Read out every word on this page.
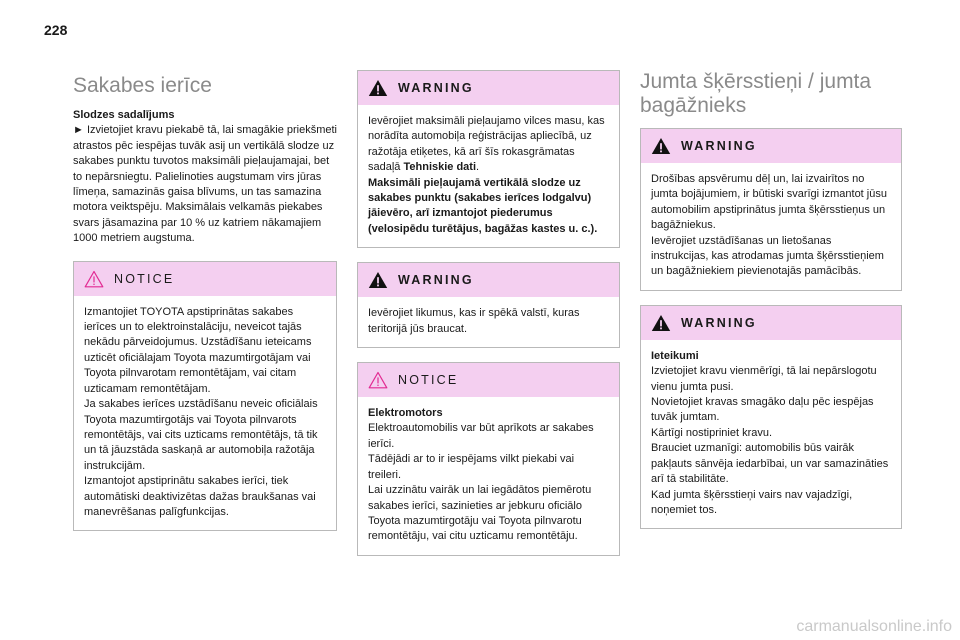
228
Sakabes ierīce
Slodzes sadalījums
► Izvietojiet kravu piekabē tā, lai smagākie priekšmeti atrastos pēc iespējas tuvāk asij un vertikālā slodze uz sakabes punktu tuvotos maksimāli pieļaujamajai, bet to nepārsniegtu. Palielinoties augstumam virs jūras līmeņa, samazinās gaisa blīvums, un tas samazina motora veiktspēju. Maksimālais velkamās piekabes svars jāsamazina par 10 % uz katriem nākamajiem 1000 metriem augstuma.
NOTICE
Izmantojiet TOYOTA apstiprinātas sakabes ierīces un to elektroinstalāciju, neveicot tajās nekādu pārveidojumus. Uzstādīšanu ieteicams uzticēt oficiālajam Toyota mazumtirgotājam vai Toyota pilnvarotam remontētājam, vai citam uzticamam remontētājam.
Ja sakabes ierīces uzstādīšanu neveic oficiālais Toyota mazumtirgotājs vai Toyota pilnvarots remontētājs, vai cits uzticams remontētājs, tā tik un tā jāuzstāda saskaņā ar automobiļa ražotāja instrukcijām.
Izmantojot apstiprinātu sakabes ierīci, tiek automātiski deaktivizētas dažas braukšanas vai manevrēšanas palīgfunkcijas.
WARNING
Ievērojiet maksimāli pieļaujamo vilces masu, kas norādīta automobiļa reģistrācijas apliecībā, uz ražotāja etiķetes, kā arī šīs rokasgrāmatas sadaļā Tehniskie dati.
Maksimāli pieļaujamā vertikālā slodze uz sakabes punktu (sakabes ierīces lodgalvu) jāievēro, arī izmantojot piederumus (velosipēdu turētājus, bagāžas kastes u. c.).
WARNING
Ievērojiet likumus, kas ir spēkā valstī, kuras teritorijā jūs braucat.
NOTICE
Elektromotors
Elektroautomobilis var būt aprīkots ar sakabes ierīci.
Tādējādi ar to ir iespējams vilkt piekabi vai treileri.
Lai uzzinātu vairāk un lai iegādātos piemērotu sakabes ierīci, sazinieties ar jebkuru oficiālo Toyota mazumtirgotāju vai Toyota pilnvarotu remontētāju, vai citu uzticamu remontētāju.
Jumta šķērsstieņi / jumta bagāžnieks
WARNING
Drošības apsvērumu dēļ un, lai izvairītos no jumta bojājumiem, ir būtiski svarīgi izmantot jūsu automobilim apstiprinātus jumta šķērsstieņus un bagāžniekus.
Ievērojiet uzstādīšanas un lietošanas instrukcijas, kas atrodamas jumta šķērsstieņiem un bagāžniekiem pievienotajās pamācībās.
WARNING
Ieteikumi
Izvietojiet kravu vienmērīgi, tā lai nepārslogotu vienu jumta pusi.
Novietojiet kravas smagāko daļu pēc iespējas tuvāk jumtam.
Kārtīgi nostipriniet kravu.
Brauciet uzmanīgi: automobilis būs vairāk pakļauts sānvēja iedarbībai, un var samazināties arī tā stabilitāte.
Kad jumta šķērsstieņi vairs nav vajadzīgi, noņemiet tos.
carmanualsonline.info
